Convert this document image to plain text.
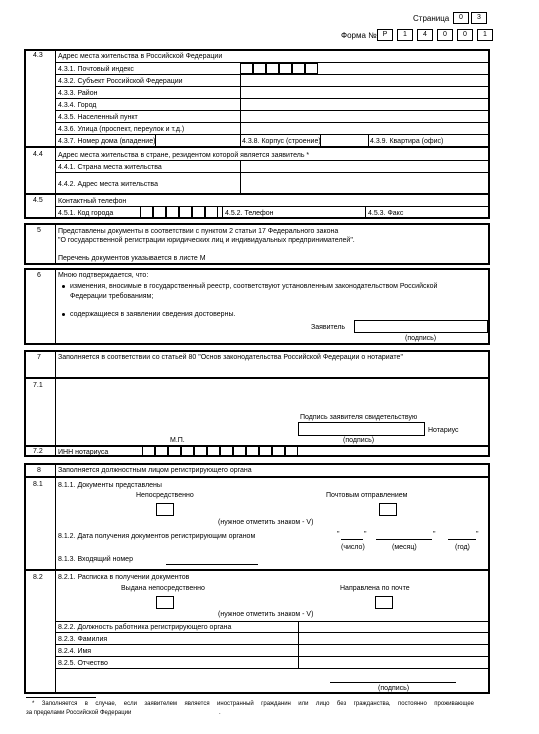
Страница	0	3
Форма № Р	1	4	0	0	1
4.3 Адрес места жительства в Российской Федерации
4.3.1. Почтовый индекс
4.3.2. Субъект Российской Федерации
4.3.3. Район
4.3.4. Город
4.3.5. Населенный пункт
4.3.6. Улица (проспект, переулок и т.д.)
4.3.7. Номер дома (владение)	4.3.8. Корпус (строение)	4.3.9. Квартира (офис)
4.4 Адрес места жительства в стране, резидентом которой является заявитель *
4.4.1. Страна места жительства
4.4.2. Адрес места жительства
4.5 Контактный телефон
4.5.1. Код города	4.5.2. Телефон	4.5.3. Факс
5 Представлены документы в соответствии с пунктом 2 статьи 17 Федерального закона
"О государственной регистрации юридических лиц и индивидуальных предпринимателей".
Перечень документов указывается в листе М
6 Мною подтверждается, что:
изменения, вносимые в государственный реестр, соответствуют установленным законодательством Российской
Федерации требованиям;
содержащиеся в заявлении сведения достоверны.
Заявитель
(подпись)
7 Заполняется в соответствии со статьей 80 "Основ законодательства Российской Федерации о нотариате"
7.1
Подпись заявителя свидетельствую
Нотариус
(подпись)
М.П.
7.2 ИНН нотариуса
8 Заполняется должностным лицом регистрирующего органа
8.1 8.1.1. Документы представлены
Непосредственно	Почтовым отправлением
(нужное отметить знаком - V)
8.1.2. Дата получения документов регистрирующим органом	"	"	"	"
(число)	(месяц)	(год)
8.1.3. Входящий номер
8.2 8.2.1. Расписка в получении документов
Выдана непосредственно	Направлена по почте
(нужное отметить знаком - V)
8.2.2. Должность работника регистрирующего органа
8.2.3. Фамилия
8.2.4. Имя
8.2.5. Отчество
(подпись)
* Заполняется в случае, если заявителем является иностранный гражданин или лицо без гражданства, постоянно проживающее
за пределами Российской Федерации	.
